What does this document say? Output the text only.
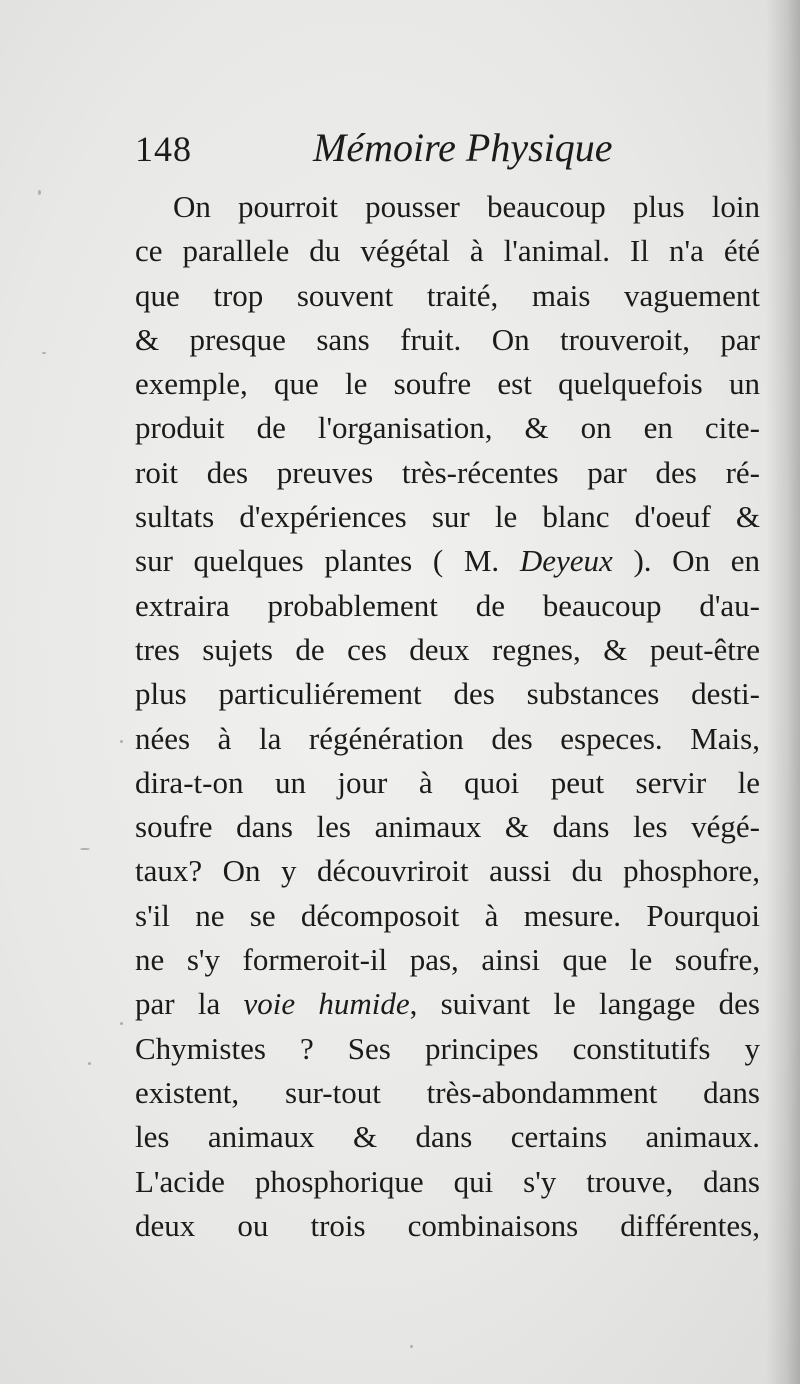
148	Mémoire Physique
On pourroit pousser beaucoup plus loin
ce parallele du végétal à l'animal. Il n'a été
que trop souvent traité, mais vaguement
& presque sans fruit. On trouveroit, par
exemple, que le soufre est quelquefois un
produit de l'organisation, & on en cite-
roit des preuves très-récentes par des ré-
sultats d'expériences sur le blanc d'oeuf &
sur quelques plantes ( M. Deyeux ). On en
extraira probablement de beaucoup d'au-
tres sujets de ces deux regnes, & peut-être
plus particuliérement des substances desti-
nées à la régénération des especes. Mais,
dira-t-on un jour à quoi peut servir le
soufre dans les animaux & dans les végé-
taux? On y découvriroit aussi du phosphore,
s'il ne se décomposoit à mesure. Pourquoi
ne s'y formeroit-il pas, ainsi que le soufre,
par la voie humide, suivant le langage des
Chymistes ? Ses principes constitutifs y
existent, sur-tout très-abondamment dans
les animaux & dans certains animaux.
L'acide phosphorique qui s'y trouve, dans
deux ou trois combinaisons différentes,
